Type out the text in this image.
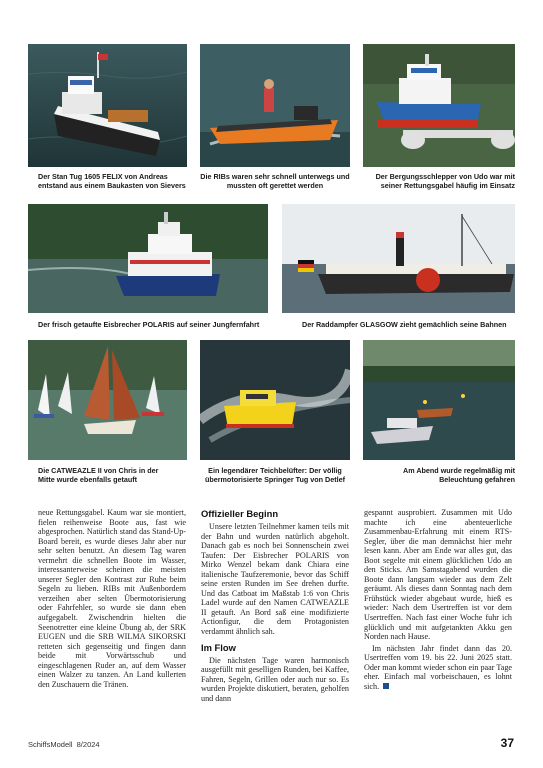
Der Stan Tug 1605 FELIX von Andreas entstand aus einem Baukasten von Sievers
Die RIBs waren sehr schnell unterwegs und mussten oft gerettet werden
Der Bergungsschlepper von Udo war mit seiner Rettungsgabel häufig im Einsatz
Der frisch getaufte Eisbrecher POLARIS auf seiner Jungfernfahrt	Der Raddampfer GLASGOW zieht gemächlich seine Bahnen
Die CATWEAZLE II von Chris in der Mitte wurde ebenfalls getauft
Ein legendärer Teichbelüfter: Der völlig übermotorisierte Springer Tug von Detlef
Am Abend wurde regelmäßig mit Beleuchtung gefahren

neue Rettungsgabel. Kaum war sie montiert, fielen reihenweise Boote aus, fast wie abgesprochen. Natürlich stand das Stand-Up-Board bereit, es wurde dieses Jahr aber nur sehr selten benutzt. An diesem Tag waren vermehrt die schnellen Boote im Wasser, interessanterweise scheinen die meisten unserer Segler den Kontrast zur Ruhe beim Segeln zu lieben. RIBs mit Außenbordern verzeihen aber selten Übermotorisierung oder Fahrfehler, so wurde sie dann eben aufgegabelt. Zwischendrin hielten die Seenotretter eine kleine Übung ab, der SRK EUGEN und die SRB WILMA SIKORSKI retteten sich gegenseitig und fingen dann beide mit Vorwärtsschub und eingeschlagenen Ruder an, auf dem Wasser einen Walzer zu tanzen. An Land kullerten den Zuschauern die Tränen.

Offizieller Beginn

Unsere letzten Teilnehmer kamen teils mit der Bahn und wurden natürlich abgeholt. Danach gab es noch bei Sonnenschein zwei Taufen: Der Eisbrecher POLARIS von Mirko Wenzel bekam dank Chiara eine italienische Taufzeremonie, bevor das Schiff seine ersten Runden im See drehen durfte. Und das Catboat im Maßstab 1:6 von Chris Ladel wurde auf den Namen CATWEAZLE II getauft. An Bord saß eine modifizierte Actionfigur, die dem Protagonisten verdammt ähnlich sah.

Im Flow

Die nächsten Tage waren harmonisch ausgefüllt mit geselligen Runden, bei Kaffee, Fahren, Segeln, Grillen oder auch nur so. Es wurden Projekte diskutiert, beraten, geholfen und dann

gespannt ausprobiert. Zusammen mit Udo machte ich eine abenteuerliche Zusammenbau-Erfahrung mit einem RTS-Segler, über die man demnächst hier mehr lesen kann. Aber am Ende war alles gut, das Boot segelte mit einem glücklichen Udo an den Sticks. Am Samstagabend wurden die Boote dann langsam wieder aus dem Zelt geräumt. Als dieses dann Sonntag nach dem Frühstück wieder abgebaut wurde, hieß es wieder: Nach dem Usertreffen ist vor dem Usertreffen. Nach fast einer Woche fuhr ich glücklich und mit aufgetankten Akku gen Norden nach Hause.

Im nächsten Jahr findet dann das 20. Usertreffen vom 19. bis 22. Juni 2025 statt. Oder man kommt wieder schon ein paar Tage eher. Einfach mal vorbeischauen, es lohnt sich.

SchiffsModell 8/2024	37
